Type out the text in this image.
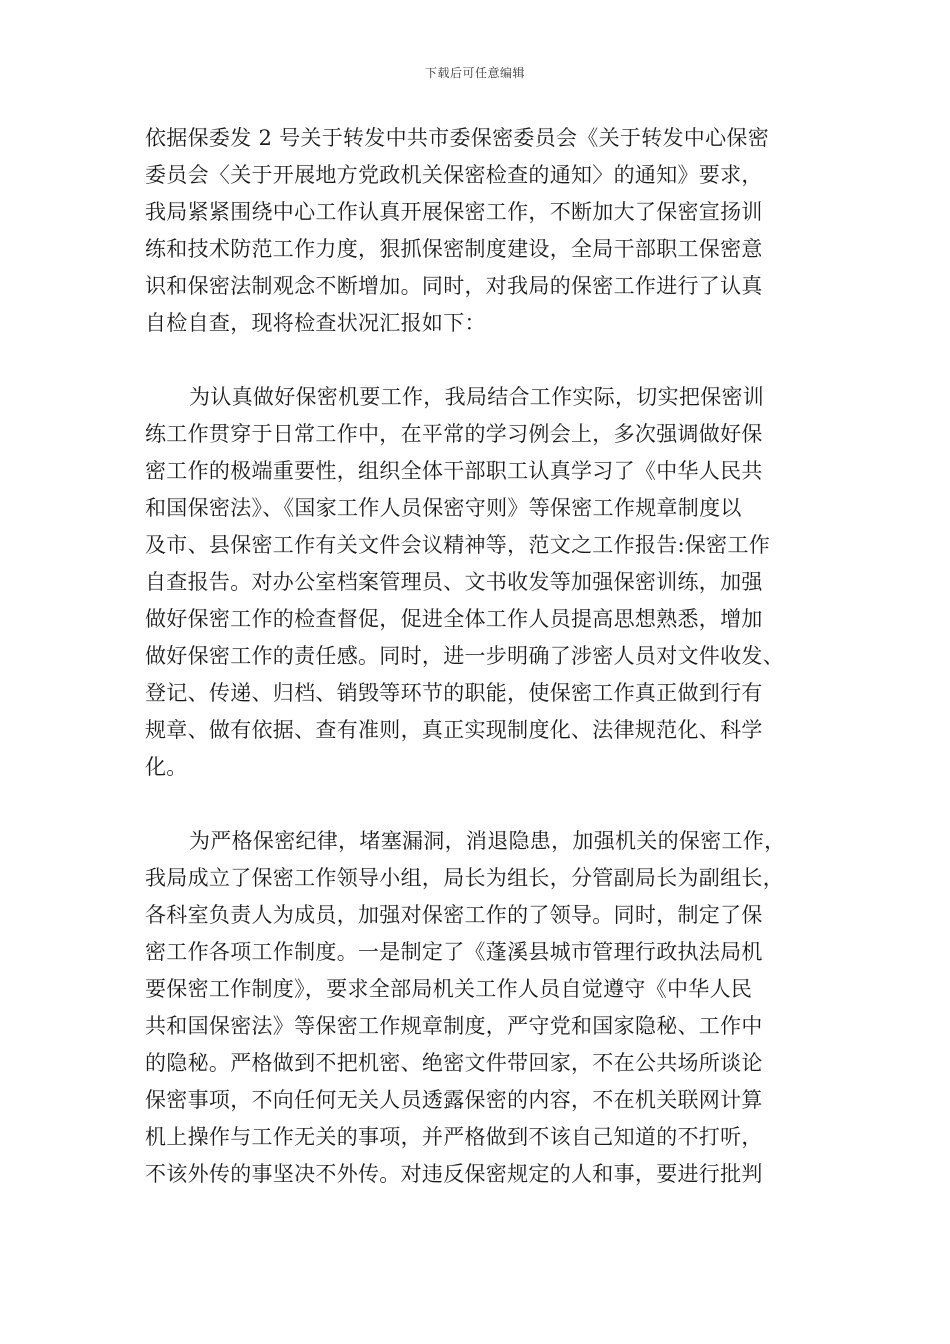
下载后可任意编辑
依据保委发 2 号关于转发中共市委保密委员会《关于转发中心保密
委员会〈关于开展地方党政机关保密检查的通知〉的通知》要求，
我局紧紧围绕中心工作认真开展保密工作，不断加大了保密宣扬训
练和技术防范工作力度，狠抓保密制度建设，全局干部职工保密意
识和保密法制观念不断增加。同时，对我局的保密工作进行了认真
自检自查，现将检查状况汇报如下：
为认真做好保密机要工作，我局结合工作实际，切实把保密训
练工作贯穿于日常工作中，在平常的学习例会上，多次强调做好保
密工作的极端重要性，组织全体干部职工认真学习了《中华人民共
和国保密法》、《国家工作人员保密守则》等保密工作规章制度以
及市、县保密工作有关文件会议精神等，范文之工作报告:保密工作
自查报告。对办公室档案管理员、文书收发等加强保密训练，加强
做好保密工作的检查督促，促进全体工作人员提高思想熟悉，增加
做好保密工作的责任感。同时，进一步明确了涉密人员对文件收发、
登记、传递、归档、销毁等环节的职能，使保密工作真正做到行有
规章、做有依据、查有准则，真正实现制度化、法律规范化、科学
化。
为严格保密纪律，堵塞漏洞，消退隐患，加强机关的保密工作，
我局成立了保密工作领导小组，局长为组长，分管副局长为副组长，
各科室负责人为成员，加强对保密工作的了领导。同时，制定了保
密工作各项工作制度。一是制定了《蓬溪县城市管理行政执法局机
要保密工作制度》，要求全部局机关工作人员自觉遵守《中华人民
共和国保密法》等保密工作规章制度，严守党和国家隐秘、工作中
的隐秘。严格做到不把机密、绝密文件带回家，不在公共场所谈论
保密事项，不向任何无关人员透露保密的内容，不在机关联网计算
机上操作与工作无关的事项，并严格做到不该自己知道的不打听，
不该外传的事坚决不外传。对违反保密规定的人和事，要进行批判
